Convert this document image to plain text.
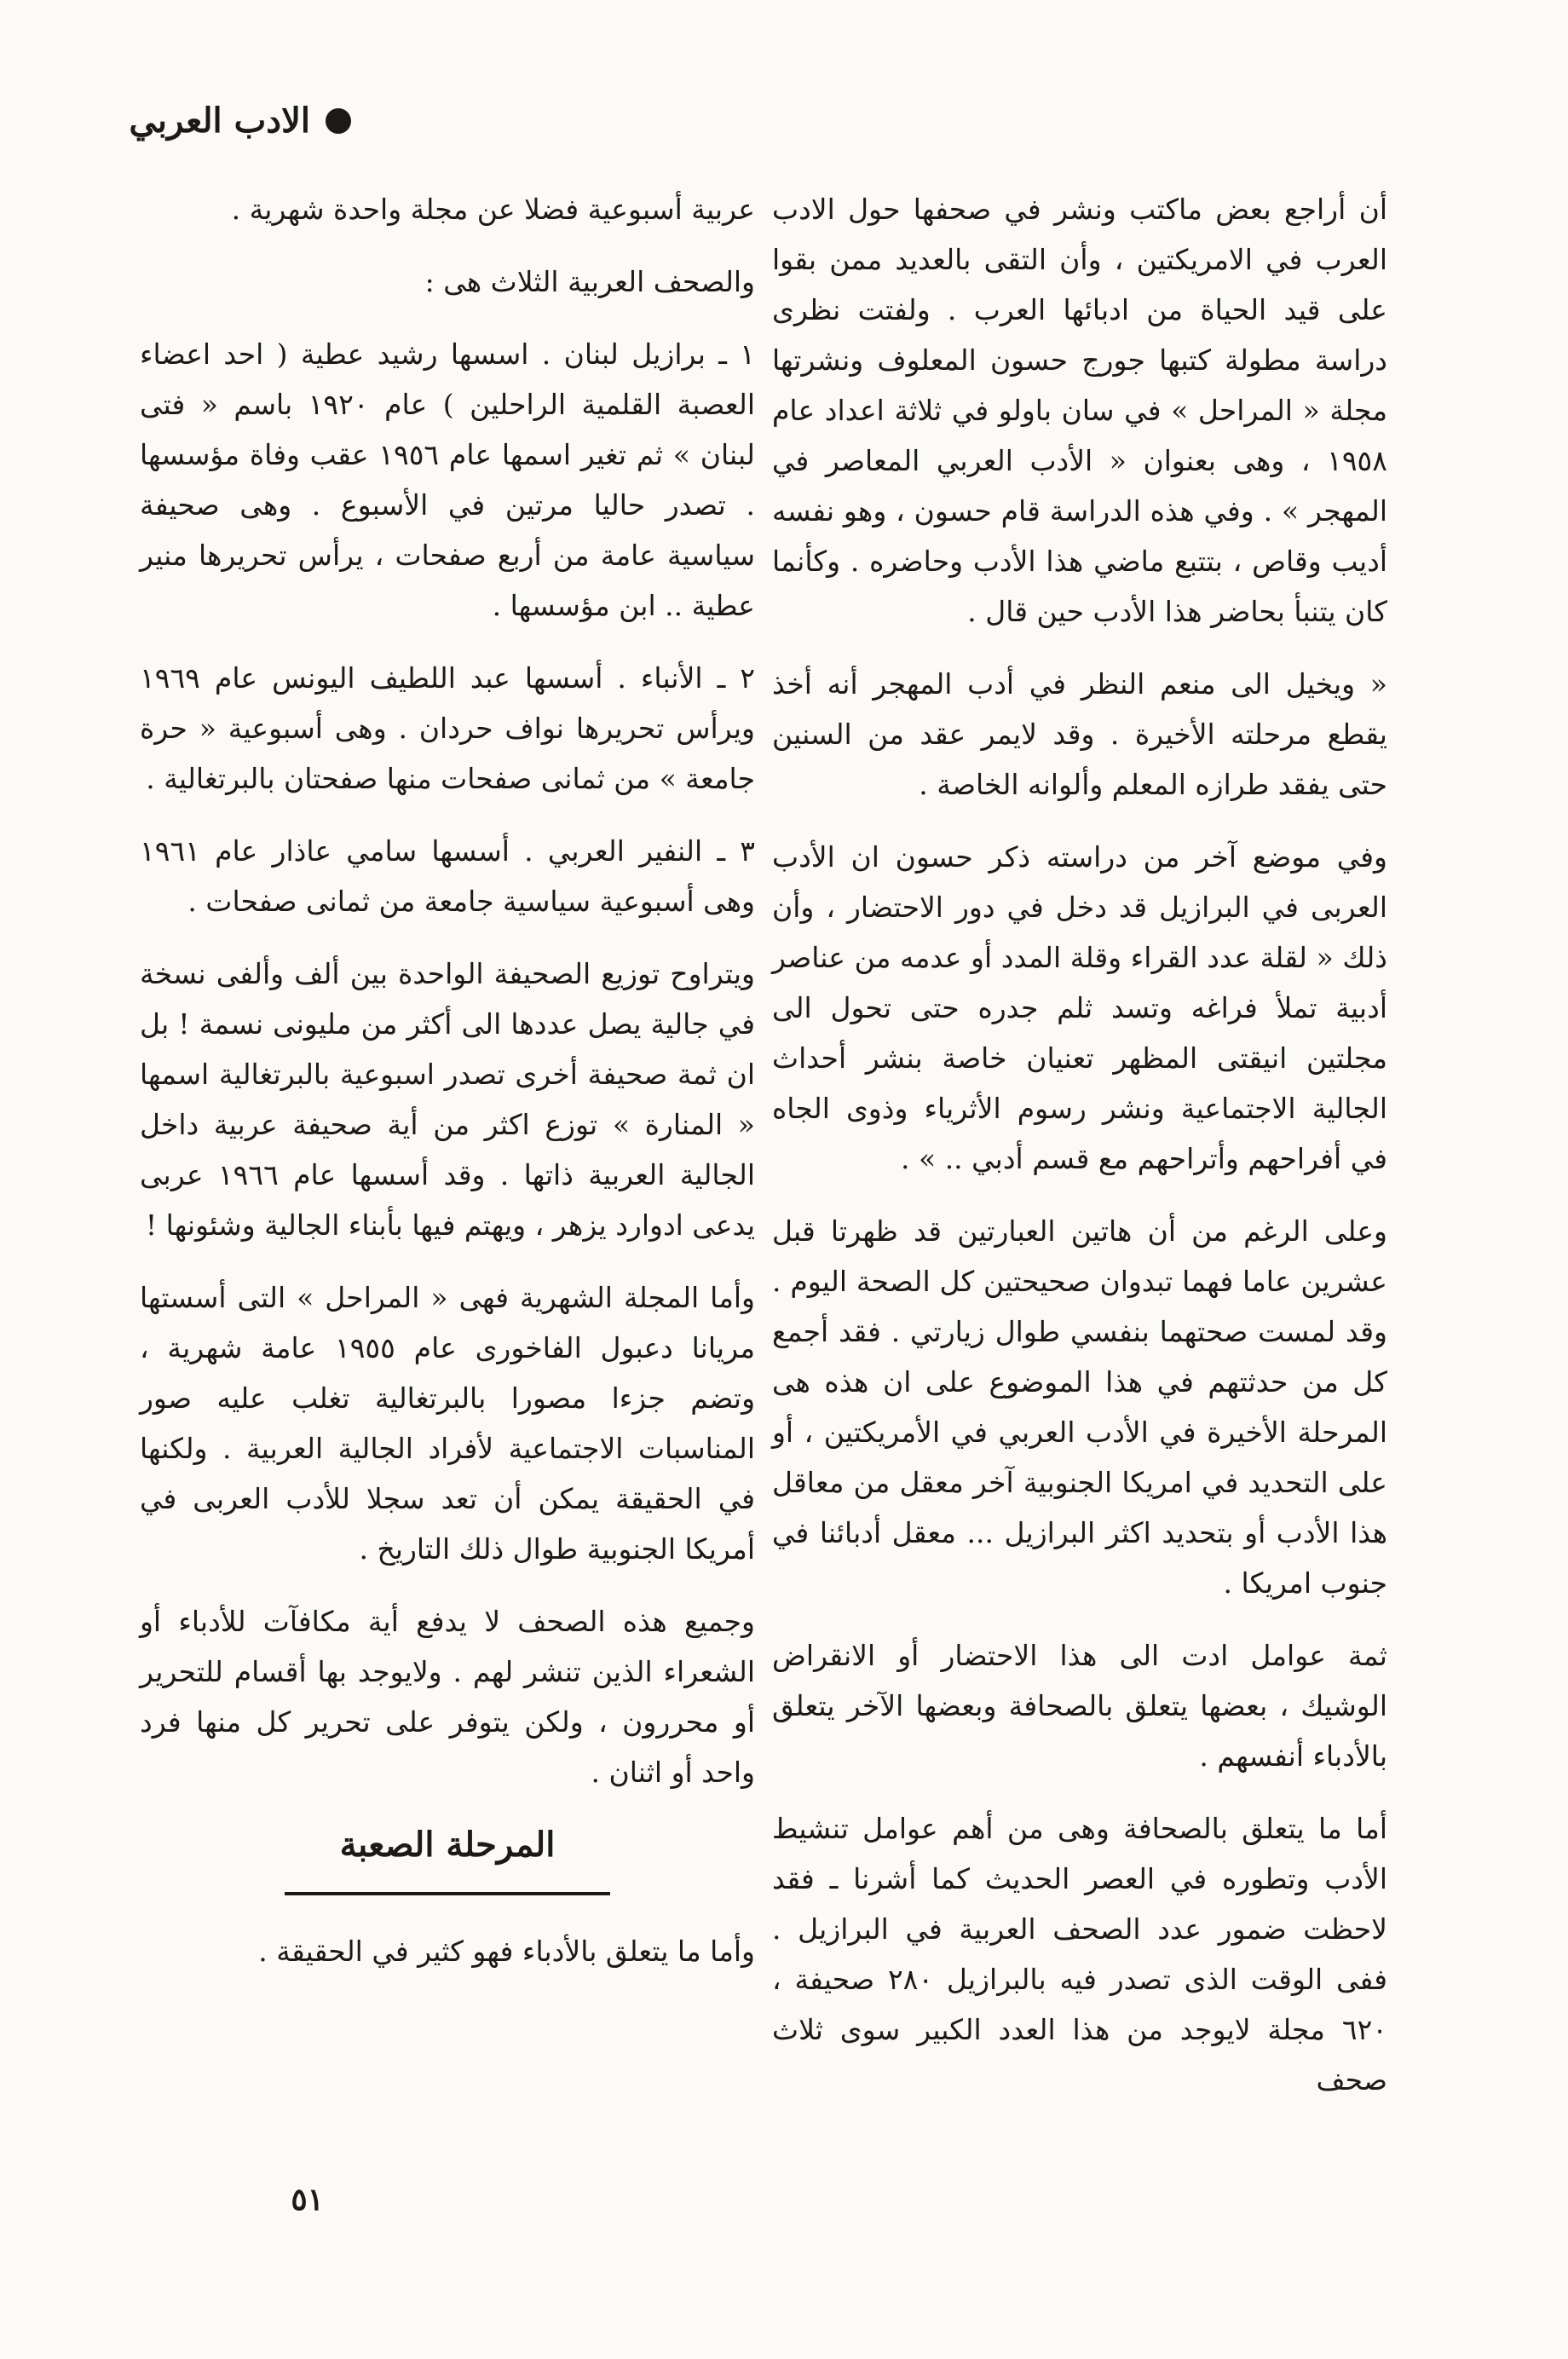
الادب العربي

أن أراجع بعض ماكتب ونشر في صحفها حول الادب العرب في الامريكتين ، وأن التقى بالعديد ممن بقوا على قيد الحياة من ادبائها العرب . ولفتت نظرى دراسة مطولة كتبها جورج حسون المعلوف ونشرتها مجلة « المراحل » في سان باولو في ثلاثة اعداد عام ١٩٥٨ ، وهى بعنوان « الأدب العربي المعاصر في المهجر » . وفي هذه الدراسة قام حسون ، وهو نفسه أديب وقاص ، بتتبع ماضي هذا الأدب وحاضره . وكأنما كان يتنبأ بحاضر هذا الأدب حين قال .

« ويخيل الى منعم النظر في أدب المهجر أنه أخذ يقطع مرحلته الأخيرة . وقد لايمر عقد من السنين حتى يفقد طرازه المعلم وألوانه الخاصة .

وفي موضع آخر من دراسته ذكر حسون ان الأدب العربى في البرازيل قد دخل في دور الاحتضار ، وأن ذلك « لقلة عدد القراء وقلة المدد أو عدمه من عناصر أدبية تملأ فراغه وتسد ثلم جدره حتى تحول الى مجلتين انيقتى المظهر تعنيان خاصة بنشر أحداث الجالية الاجتماعية ونشر رسوم الأثرياء وذوى الجاه في أفراحهم وأتراحهم مع قسم أدبي .. » .

وعلى الرغم من أن هاتين العبارتين قد ظهرتا قبل عشرين عاما فهما تبدوان صحيحتين كل الصحة اليوم . وقد لمست صحتهما بنفسي طوال زيارتي . فقد أجمع كل من حدثتهم في هذا الموضوع على ان هذه هى المرحلة الأخيرة في الأدب العربي في الأمريكتين ، أو على التحديد في امريكا الجنوبية آخر معقل من معاقل هذا الأدب أو بتحديد اكثر البرازيل ... معقل أدبائنا في جنوب امريكا .

ثمة عوامل ادت الى هذا الاحتضار أو الانقراض الوشيك ، بعضها يتعلق بالصحافة وبعضها الآخر يتعلق بالأدباء أنفسهم .

أما ما يتعلق بالصحافة وهى من أهم عوامل تنشيط الأدب وتطوره في العصر الحديث كما أشرنا ـ فقد لاحظت ضمور عدد الصحف العربية في البرازيل . ففى الوقت الذى تصدر فيه بالبرازيل ٢٨٠ صحيفة ، ٦٢٠ مجلة لايوجد من هذا العدد الكبير سوى ثلاث صحف

عربية أسبوعية فضلا عن مجلة واحدة شهرية .

والصحف العربية الثلاث هى :

١ ـ برازيل لبنان . اسسها رشيد عطية ( احد اعضاء العصبة القلمية الراحلين ) عام ١٩٢٠ باسم « فتى لبنان » ثم تغير اسمها عام ١٩٥٦ عقب وفاة مؤسسها . تصدر حاليا مرتين في الأسبوع . وهى صحيفة سياسية عامة من أربع صفحات ، يرأس تحريرها منير عطية .. ابن مؤسسها .

٢ ـ الأنباء . أسسها عبد اللطيف اليونس عام ١٩٦٩ ويرأس تحريرها نواف حردان . وهى أسبوعية « حرة جامعة » من ثمانى صفحات منها صفحتان بالبرتغالية .

٣ ـ النفير العربي . أسسها سامي عاذار عام ١٩٦١ وهى أسبوعية سياسية جامعة من ثمانى صفحات .

ويتراوح توزيع الصحيفة الواحدة بين ألف وألفى نسخة في جالية يصل عددها الى أكثر من مليونى نسمة ! بل ان ثمة صحيفة أخرى تصدر اسبوعية بالبرتغالية اسمها « المنارة » توزع اكثر من أية صحيفة عربية داخل الجالية العربية ذاتها . وقد أسسها عام ١٩٦٦ عربى يدعى ادوارد يزهر ، ويهتم فيها بأبناء الجالية وشئونها !

وأما المجلة الشهرية فهى « المراحل » التى أسستها مريانا دعبول الفاخورى عام ١٩٥٥ عامة شهرية ، وتضم جزءا مصورا بالبرتغالية تغلب عليه صور المناسبات الاجتماعية لأفراد الجالية العربية . ولكنها في الحقيقة يمكن أن تعد سجلا للأدب العربى في أمريكا الجنوبية طوال ذلك التاريخ .

وجميع هذه الصحف لا يدفع أية مكافآت للأدباء أو الشعراء الذين تنشر لهم . ولايوجد بها أقسام للتحرير أو محررون ، ولكن يتوفر على تحرير كل منها فرد واحد أو اثنان .

المرحلة الصعبة

وأما ما يتعلق بالأدباء فهو كثير في الحقيقة .

٥١
